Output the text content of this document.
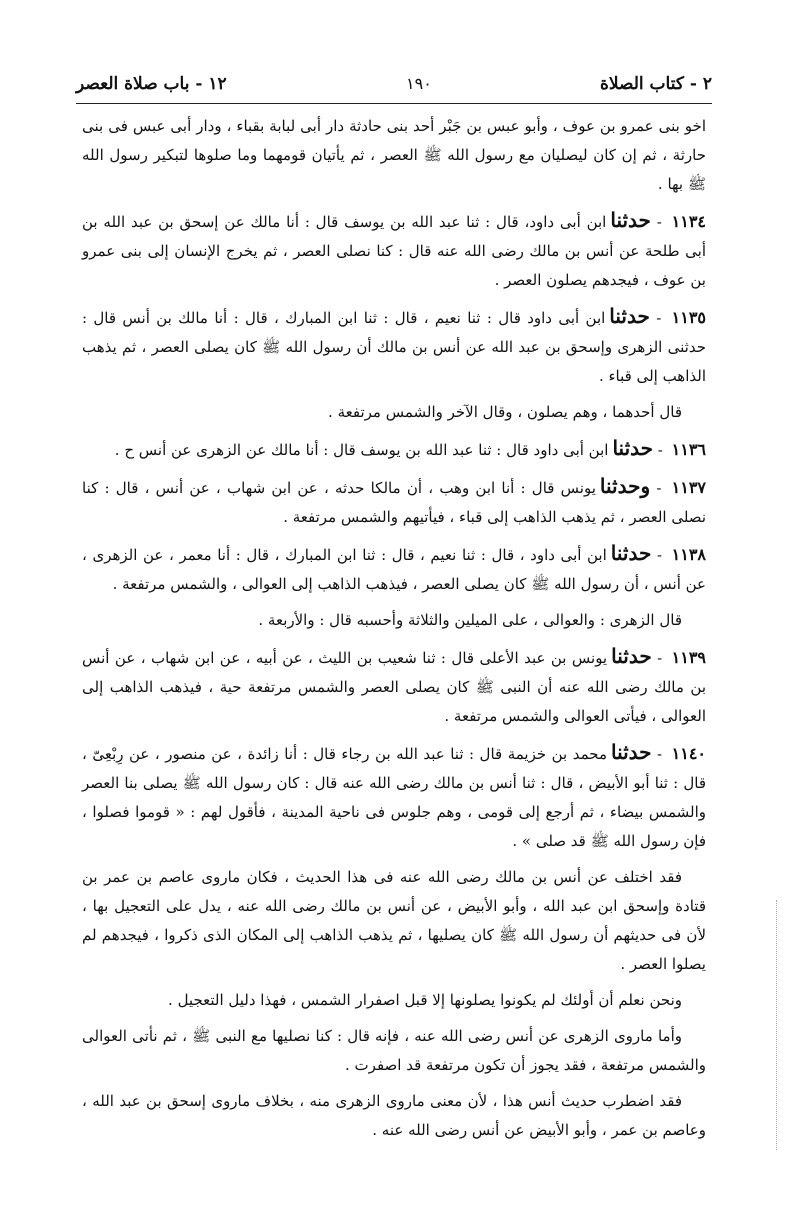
٢ - كتاب الصلاة
١٩٠
١٢ - باب صلاة العصر

اخو بنى عمرو بن عوف ، وأبو عبس بن جَبْر أحد بنى حادثة دار أبى لبابة بقباء ، ودار أبى عبس فى بنى حارثة ، ثم إن كان ليصليان مع رسول الله ﷺ العصر ، ثم يأتيان قومهما وما صلوها لتبكير رسول الله ﷺ بها .

١١٣٤ - حدثناابن أبى داود، قال : ثنا عبد الله بن يوسف قال : أنا مالك عن إسحق بن عبد الله بن أبى طلحة عن أنس بن مالك رضى الله عنه قال : كنا نصلى العصر ، ثم يخرج الإنسان إلى بنى عمرو بن عوف ، فيجدهم يصلون العصر .

١١٣٥ - حدثناابن أبى داود قال : ثنا نعيم ، قال : ثنا ابن المبارك ، قال : أنا مالك بن أنس قال : حدثنى الزهرى وإسحق بن عبد الله عن أنس بن مالك أن رسول الله ﷺ كان يصلى العصر ، ثم يذهب الذاهب إلى قباء .

قال أحدهما ، وهم يصلون ، وقال الآخر والشمس مرتفعة .

١١٣٦ - حدثناابن أبى داود قال : ثنا عبد الله بن يوسف قال : أنا مالك عن الزهرى عن أنس ح .

١١٣٧ - وحدثنايونس قال : أنا ابن وهب ، أن مالكا حدثه ، عن ابن شهاب ، عن أنس ، قال : كنا نصلى العصر ، ثم يذهب الذاهب إلى قباء ، فيأتيهم والشمس مرتفعة .

١١٣٨ - حدثناابن أبى داود ، قال : ثنا نعيم ، قال : ثنا ابن المبارك ، قال : أنا معمر ، عن الزهرى ، عن أنس ، أن رسول الله ﷺ كان يصلى العصر ، فيذهب الذاهب إلى العوالى ، والشمس مرتفعة .

قال الزهرى : والعوالى ، على الميلين والثلاثة وأحسبه قال : والأربعة .

١١٣٩ - حدثنايونس بن عبد الأعلى قال : ثنا شعيب بن الليث ، عن أبيه ، عن ابن شهاب ، عن أنس بن مالك رضى الله عنه أن النبى ﷺ كان يصلى العصر والشمس مرتفعة حية ، فيذهب الذاهب إلى العوالى ، فيأتى العوالى والشمس مرتفعة .

١١٤٠ - حدثنامحمد بن خزيمة قال : ثنا عبد الله بن رجاء قال : أنا زائدة ، عن منصور ، عن رِبْعِىّ ، قال : ثنا أبو الأبيض ، قال : ثنا أنس بن مالك رضى الله عنه قال : كان رسول الله ﷺ يصلى بنا العصر والشمس بيضاء ، ثم أرجع إلى قومى ، وهم جلوس فى ناحية المدينة ، فأقول لهم : « قوموا فصلوا ، فإن رسول الله ﷺ قد صلى » .

فقد اختلف عن أنس بن مالك رضى الله عنه فى هذا الحديث ، فكان ماروى عاصم بن عمر بن قتادة وإسحق ابن عبد الله ، وأبو الأبيض ، عن أنس بن مالك رضى الله عنه ، يدل على التعجيل بها ، لأن فى حديثهم أن رسول الله ﷺ كان يصليها ، ثم يذهب الذاهب إلى المكان الذى ذكروا ، فيجدهم لم يصلوا العصر .

ونحن نعلم أن أولئك لم يكونوا يصلونها إلا قبل اصفرار الشمس ، فهذا دليل التعجيل .

وأما ماروى الزهرى عن أنس رضى الله عنه ، فإنه قال : كنا نصليها مع النبى ﷺ ، ثم نأتى العوالى والشمس مرتفعة ، فقد يجوز أن تكون مرتفعة قد اصفرت .

فقد اضطرب حديث أنس هذا ، لأن معنى ماروى الزهرى منه ، بخلاف ماروى إسحق بن عبد الله ، وعاصم بن عمر ، وأبو الأبيض عن أنس رضى الله عنه .
